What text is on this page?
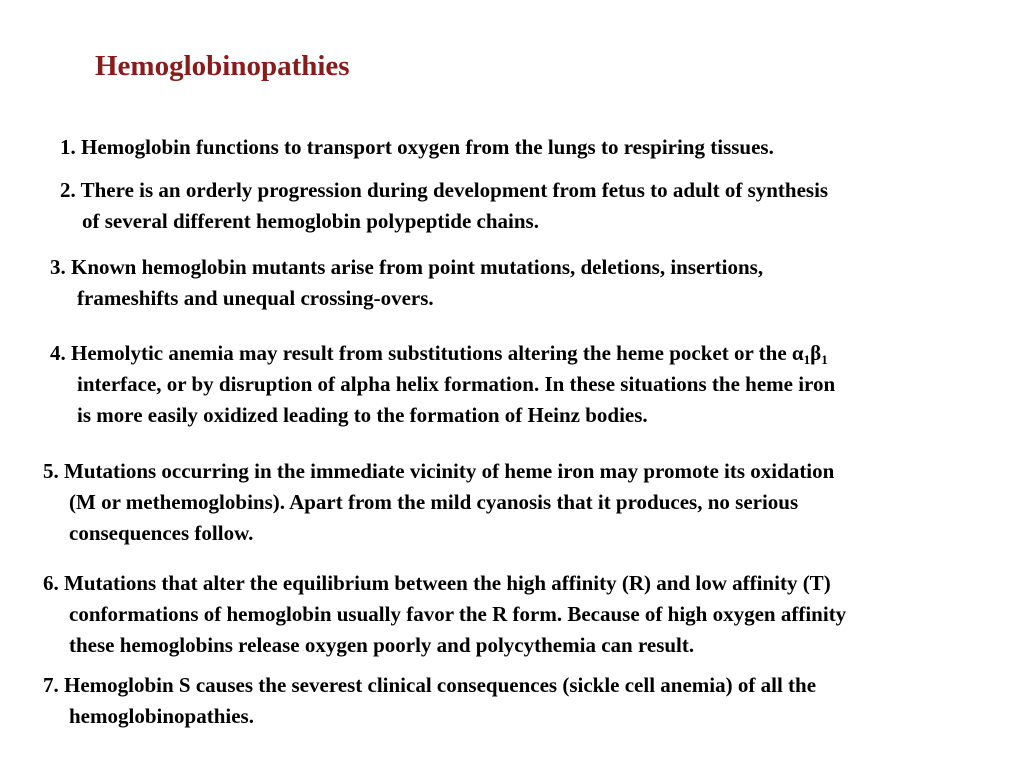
Hemoglobinopathies
1. Hemoglobin functions to transport oxygen from the lungs to respiring tissues.
2. There is an orderly progression during development from fetus to adult of synthesis
of several different hemoglobin polypeptide chains.
3. Known hemoglobin mutants arise from point mutations, deletions, insertions,
frameshifts and unequal crossing-overs.
4. Hemolytic anemia may result from substitutions altering the heme pocket or the $\alpha_1\beta_1$
interface, or by disruption of alpha helix formation. In these situations the heme iron
is more easily oxidized leading to the formation of Heinz bodies.
5. Mutations occurring in the immediate vicinity of heme iron may promote its oxidation
(M or methemoglobins). Apart from the mild cyanosis that it produces, no serious
consequences follow.
6. Mutations that alter the equilibrium between the high affinity (R) and low affinity (T)
conformations of hemoglobin usually favor the R form. Because of high oxygen affinity
these hemoglobins release oxygen poorly and polycythemia can result.
7. Hemoglobin S causes the severest clinical consequences (sickle cell anemia) of all the
hemoglobinopathies.
